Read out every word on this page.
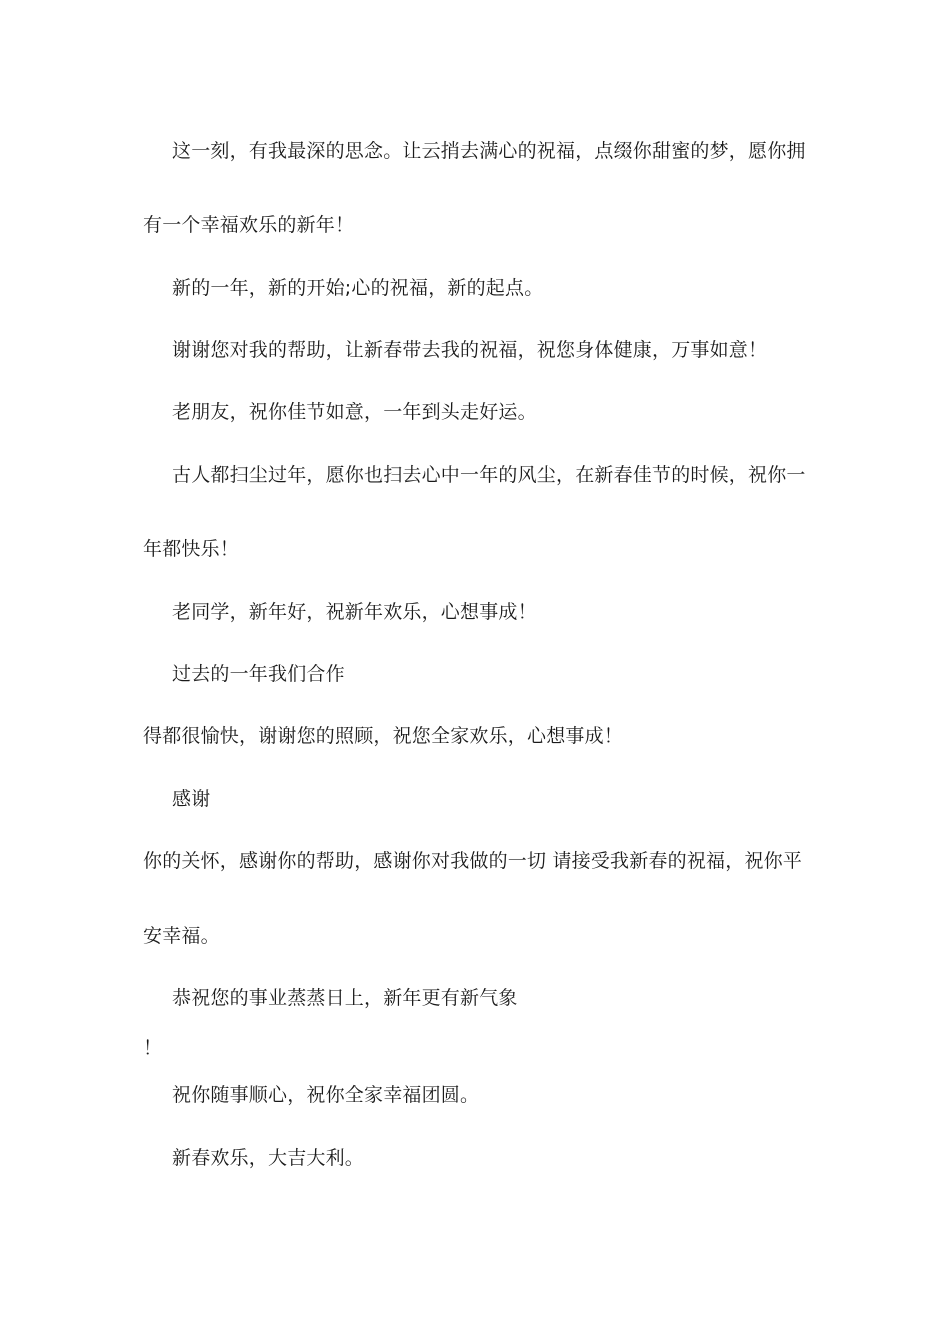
这一刻，有我最深的思念。让云捎去满心的祝福，点缀你甜蜜的梦，愿你拥

有一个幸福欢乐的新年！

新的一年，新的开始;心的祝福，新的起点。

谢谢您对我的帮助，让新春带去我的祝福，祝您身体健康，万事如意！

老朋友，祝你佳节如意，一年到头走好运。

古人都扫尘过年，愿你也扫去心中一年的风尘，在新春佳节的时候，祝你一

年都快乐！

老同学，新年好，祝新年欢乐，心想事成！

过去的一年我们合作

得都很愉快，谢谢您的照顾，祝您全家欢乐，心想事成！

感谢

你的关怀，感谢你的帮助，感谢你对我做的一切 请接受我新春的祝福，祝你平

安幸福。

恭祝您的事业蒸蒸日上，新年更有新气象

！

祝你随事顺心，祝你全家幸福团圆。

新春欢乐，大吉大利。
